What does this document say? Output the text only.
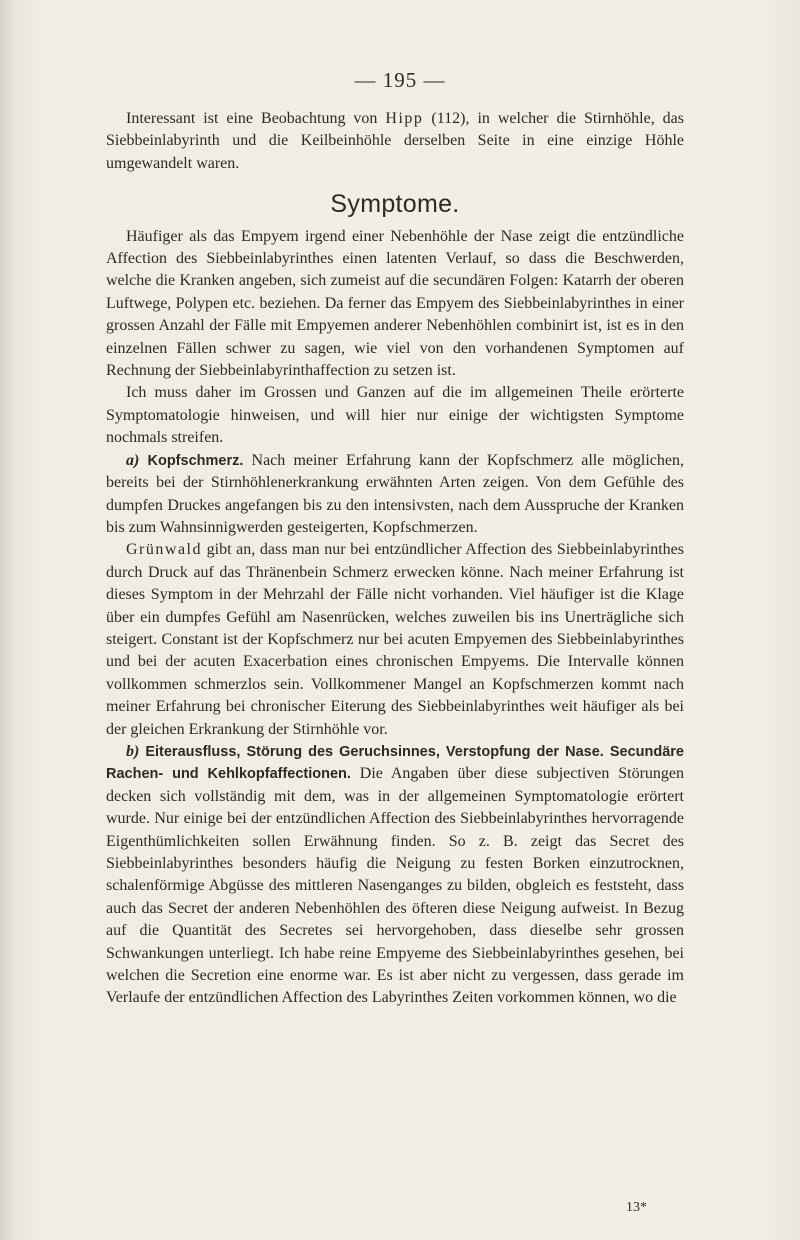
— 195 —

Interessant ist eine Beobachtung von Hipp (112), in welcher die Stirnhöhle, das Siebbeinlabyrinth und die Keilbeinhöhle derselben Seite in eine einzige Höhle umgewandelt waren.

Symptome.

Häufiger als das Empyem irgend einer Nebenhöhle der Nase zeigt die entzündliche Affection des Siebbeinlabyrinthes einen latenten Verlauf, so dass die Beschwerden, welche die Kranken angeben, sich zumeist auf die secundären Folgen: Katarrh der oberen Luftwege, Polypen etc. beziehen. Da ferner das Empyem des Siebbeinlabyrinthes in einer grossen Anzahl der Fälle mit Empyemen anderer Nebenhöhlen combinirt ist, ist es in den einzelnen Fällen schwer zu sagen, wie viel von den vorhandenen Symptomen auf Rechnung der Siebbeinlabyrinthaffection zu setzen ist.

Ich muss daher im Grossen und Ganzen auf die im allgemeinen Theile erörterte Symptomatologie hinweisen, und will hier nur einige der wichtigsten Symptome nochmals streifen.

a) Kopfschmerz. Nach meiner Erfahrung kann der Kopfschmerz alle möglichen, bereits bei der Stirnhöhlenerkrankung erwähnten Arten zeigen. Von dem Gefühle des dumpfen Druckes angefangen bis zu den intensivsten, nach dem Ausspruche der Kranken bis zum Wahnsinnigwerden gesteigerten, Kopfschmerzen.

Grünwald gibt an, dass man nur bei entzündlicher Affection des Siebbeinlabyrinthes durch Druck auf das Thränenbein Schmerz erwecken könne. Nach meiner Erfahrung ist dieses Symptom in der Mehrzahl der Fälle nicht vorhanden. Viel häufiger ist die Klage über ein dumpfes Gefühl am Nasenrücken, welches zuweilen bis ins Unerträgliche sich steigert. Constant ist der Kopfschmerz nur bei acuten Empyemen des Siebbeinlabyrinthes und bei der acuten Exacerbation eines chronischen Empyems. Die Intervalle können vollkommen schmerzlos sein. Vollkommener Mangel an Kopfschmerzen kommt nach meiner Erfahrung bei chronischer Eiterung des Siebbeinlabyrinthes weit häufiger als bei der gleichen Erkrankung der Stirnhöhle vor.

b) Eiterausfluss, Störung des Geruchsinnes, Verstopfung der Nase. Secundäre Rachen- und Kehlkopfaffectionen. Die Angaben über diese subjectiven Störungen decken sich vollständig mit dem, was in der allgemeinen Symptomatologie erörtert wurde. Nur einige bei der entzündlichen Affection des Siebbeinlabyrinthes hervorragende Eigenthümlichkeiten sollen Erwähnung finden. So z. B. zeigt das Secret des Siebbeinlabyrinthes besonders häufig die Neigung zu festen Borken einzutrocknen, schalenförmige Abgüsse des mittleren Nasenganges zu bilden, obgleich es feststeht, dass auch das Secret der anderen Nebenhöhlen des öfteren diese Neigung aufweist. In Bezug auf die Quantität des Secretes sei hervorgehoben, dass dieselbe sehr grossen Schwankungen unterliegt. Ich habe reine Empyeme des Siebbeinlabyrinthes gesehen, bei welchen die Secretion eine enorme war. Es ist aber nicht zu vergessen, dass gerade im Verlaufe der entzündlichen Affection des Labyrinthes Zeiten vorkommen können, wo die

13*
